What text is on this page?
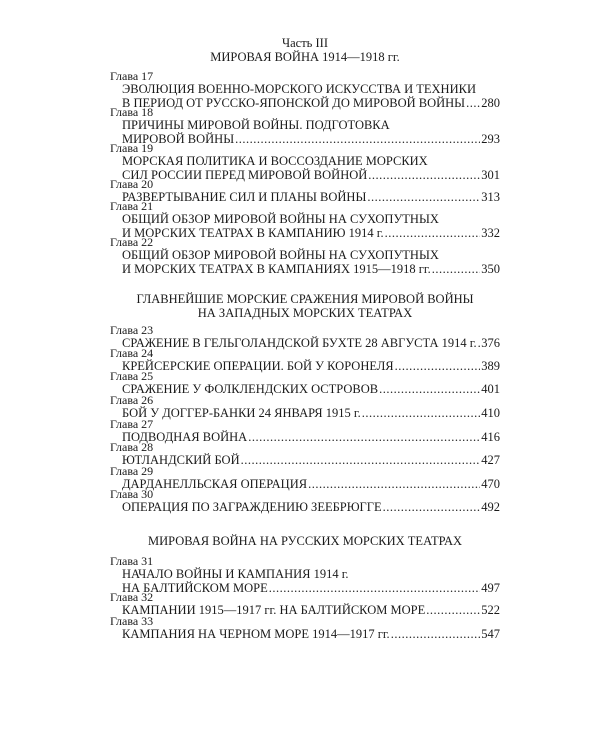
Часть III
МИРОВАЯ ВОЙНА 1914—1918 гг.
Глава 17
ЭВОЛЮЦИЯ ВОЕННО-МОРСКОГО ИСКУССТВА И ТЕХНИКИ
В ПЕРИОД ОТ РУССКО-ЯПОНСКОЙ ДО МИРОВОЙ ВОЙНЫ ..... 280
Глава 18
ПРИЧИНЫ МИРОВОЙ ВОЙНЫ. ПОДГОТОВКА
МИРОВОЙ ВОЙНЫ .....	293
Глава 19
МОРСКАЯ ПОЛИТИКА И ВОССОЗДАНИЕ МОРСКИХ
СИЛ РОССИИ ПЕРЕД МИРОВОЙ ВОЙНОЙ .....	301
Глава 20
РАЗВЕРТЫВАНИЕ СИЛ И ПЛАНЫ ВОЙНЫ .....	313
Глава 21
ОБЩИЙ ОБЗОР МИРОВОЙ ВОЙНЫ НА СУХОПУТНЫХ
И МОРСКИХ ТЕАТРАХ В КАМПАНИЮ 1914 г. .....	332
Глава 22
ОБЩИЙ ОБЗОР МИРОВОЙ ВОЙНЫ НА СУХОПУТНЫХ
И МОРСКИХ ТЕАТРАХ В КАМПАНИЯХ 1915—1918 гг. .....	350
ГЛАВНЕЙШИЕ МОРСКИЕ СРАЖЕНИЯ МИРОВОЙ ВОЙНЫ
НА ЗАПАДНЫХ МОРСКИХ ТЕАТРАХ
Глава 23
СРАЖЕНИЕ В ГЕЛЬГОЛАНДСКОЙ БУХТЕ 28 АВГУСТА 1914 г. ..... 376
Глава 24
КРЕЙСЕРСКИЕ ОПЕРАЦИИ. БОЙ У КОРОНЕЛЯ .....	389
Глава 25
СРАЖЕНИЕ У ФОЛКЛЕНДСКИХ ОСТРОВОВ .....	401
Глава 26
БОЙ У ДОГГЕР-БАНКИ 24 ЯНВАРЯ 1915 г. .....	410
Глава 27
ПОДВОДНАЯ ВОЙНА .....	416
Глава 28
ЮТЛАНДСКИЙ БОЙ .....	427
Глава 29
ДАРДАНЕЛЛЬСКАЯ ОПЕРАЦИЯ .....	470
Глава 30
ОПЕРАЦИЯ ПО ЗАГРАЖДЕНИЮ ЗЕЕБРЮГГЕ .....	492
МИРОВАЯ ВОЙНА НА РУССКИХ МОРСКИХ ТЕАТРАХ
Глава 31
НАЧАЛО ВОЙНЫ И КАМПАНИЯ 1914 г.
НА БАЛТИЙСКОМ МОРЕ .....	497
Глава 32
КАМПАНИИ 1915—1917 гг. НА БАЛТИЙСКОМ МОРЕ .....	522
Глава 33
КАМПАНИЯ НА ЧЕРНОМ МОРЕ 1914—1917 гг. .....	547
